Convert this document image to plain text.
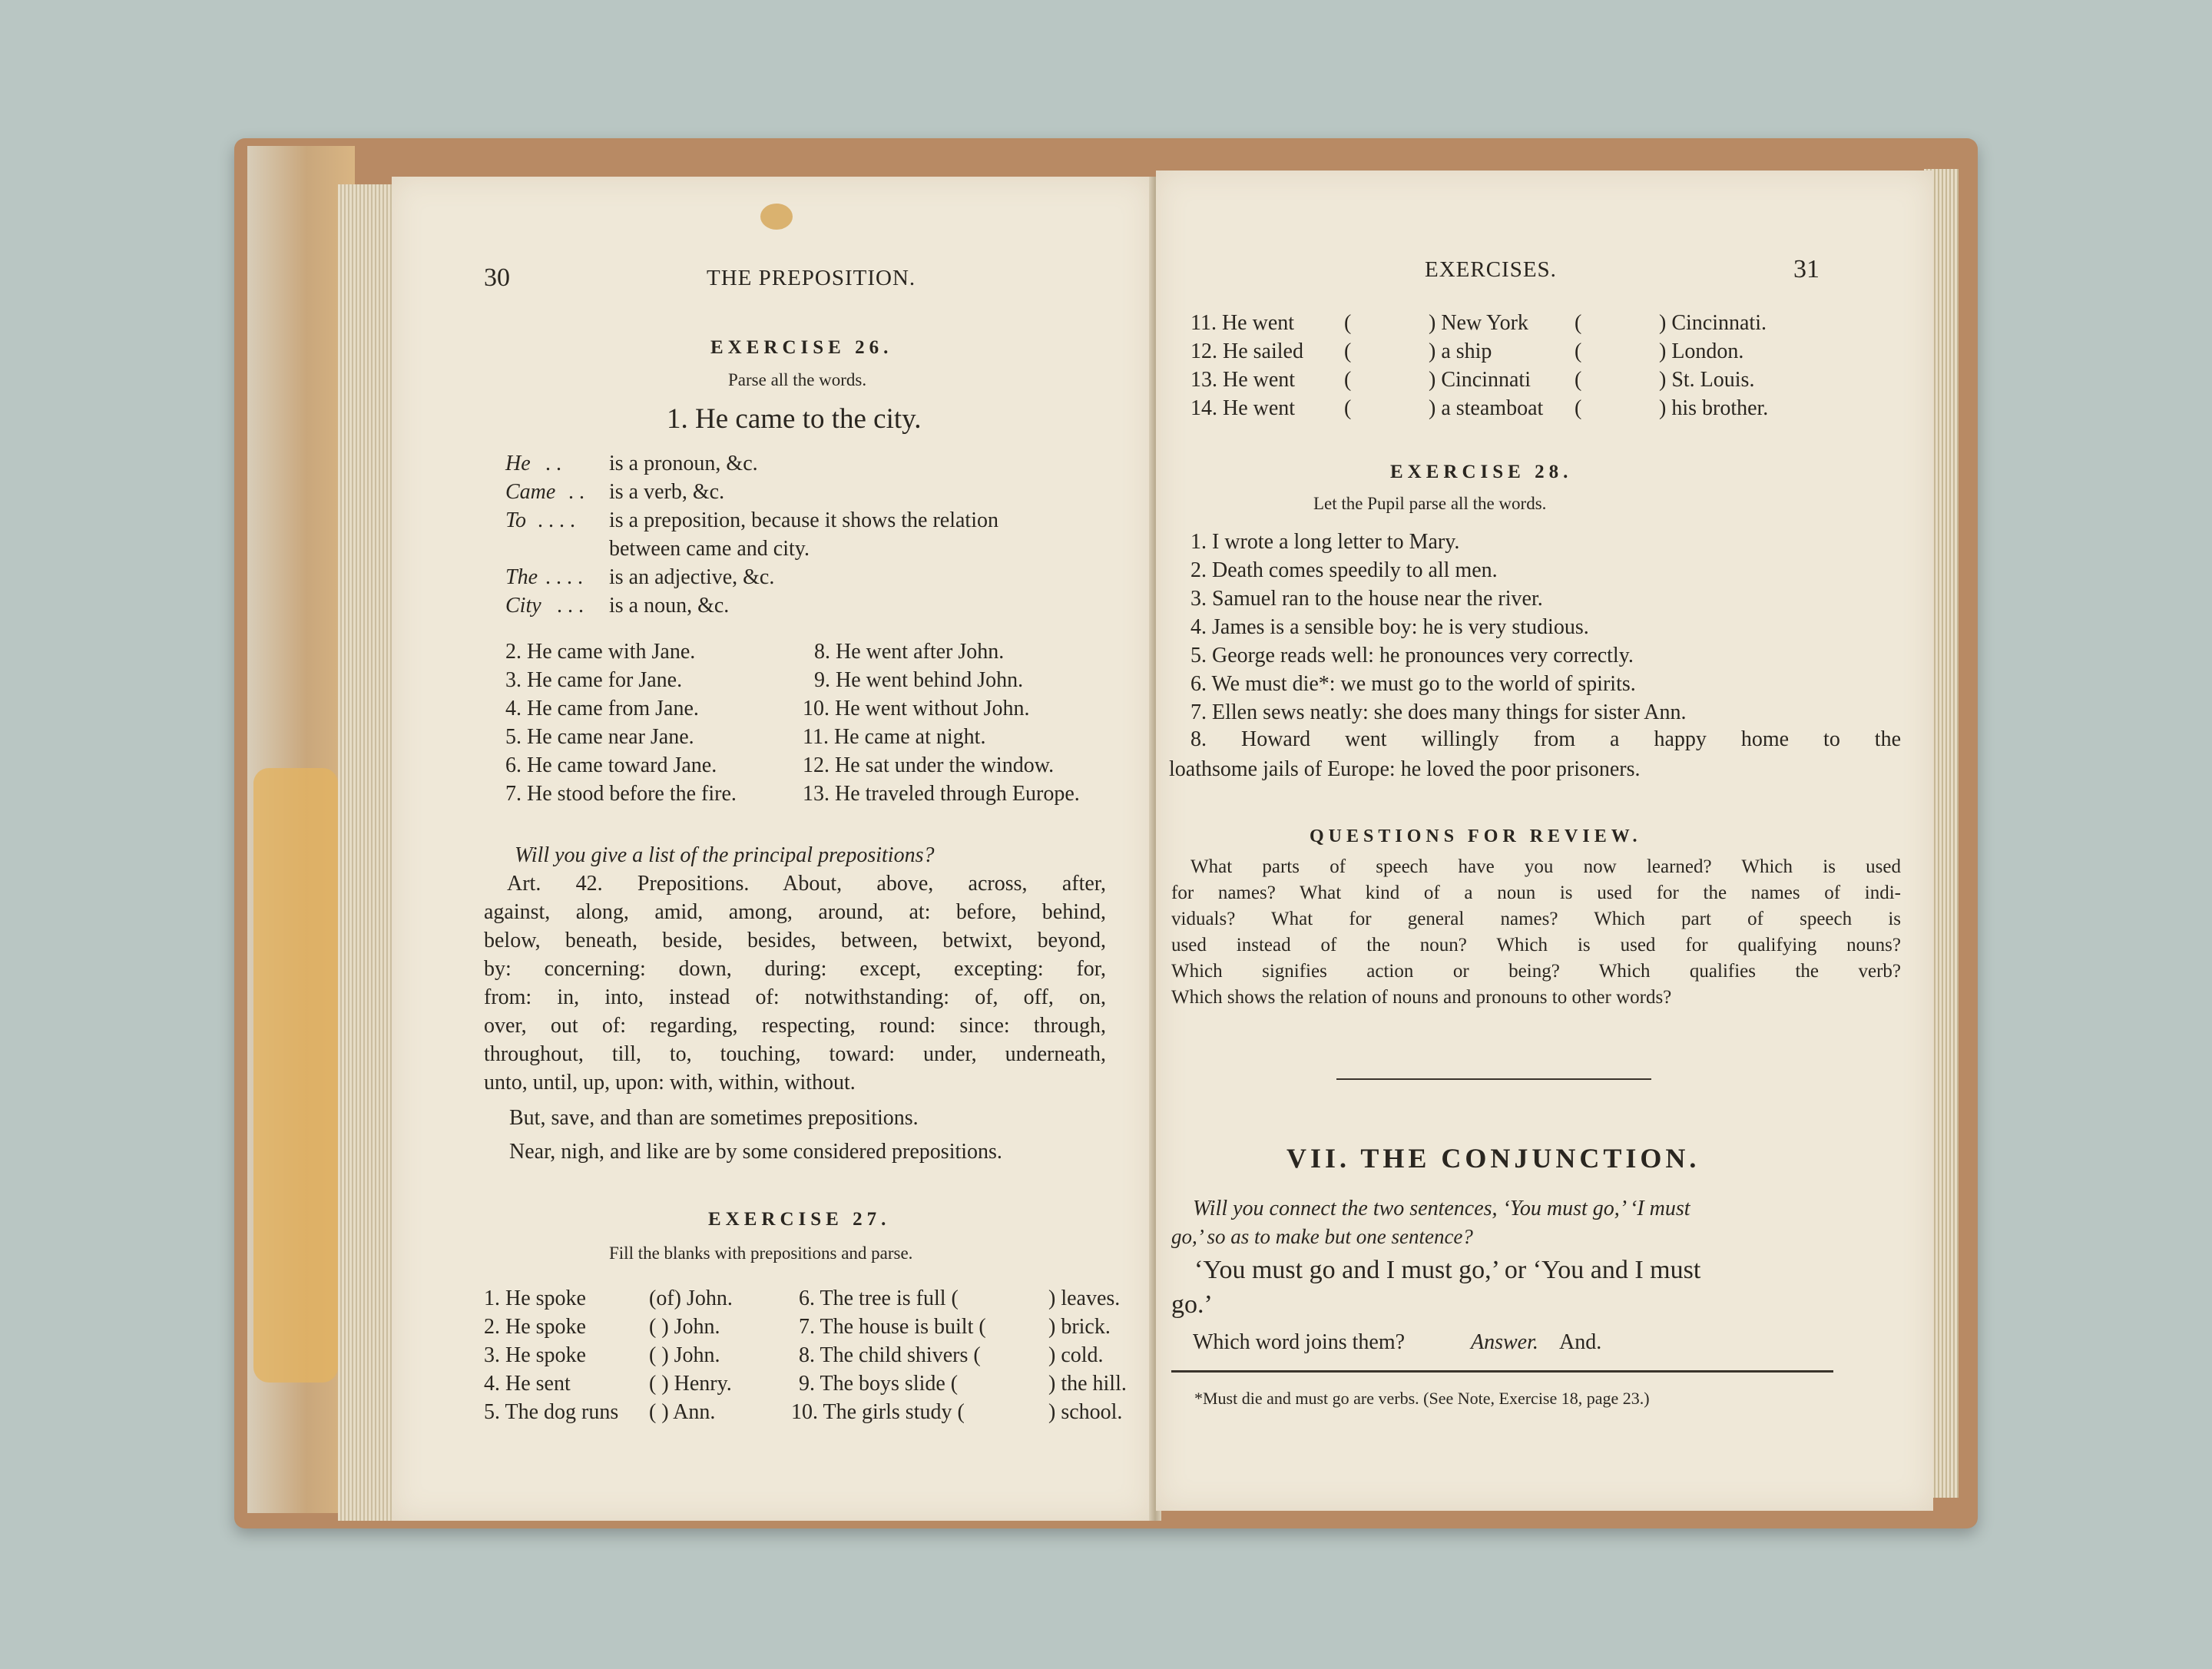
30	THE PREPOSITION.
EXERCISE 26.
Parse all the words.
1. He came to the city.
He . . is a pronoun, &c.
Came . . is a verb, &c.
To . . . . is a preposition, because it shows the relation
between came and city.
The . . . . is an adjective, &c.
City . . . is a noun, &c.
2. He came with Jane.
3. He came for Jane.
4. He came from Jane.
5. He came near Jane.
6. He came toward Jane.
7. He stood before the fire.
8. He went after John.
9. He went behind John.
10. He went without John.
11. He came at night.
12. He sat under the window.
13. He traveled through Europe.
Will you give a list of the principal prepositions?
Art. 42. Prepositions. About, above, across, after,
against, along, amid, among, around, at: before, behind,
below, beneath, beside, besides, between, betwixt, beyond,
by: concerning: down, during: except, excepting: for,
from: in, into, instead of: notwithstanding: of, off, on,
over, out of: regarding, respecting, round: since: through,
throughout, till, to, touching, toward: under, underneath,
unto, until, up, upon: with, within, without.
But, save, and than are sometimes prepositions.
Near, nigh, and like are by some considered prepositions.
EXERCISE 27.
Fill the blanks with prepositions and parse.
1. He spoke	(of) John.
2. He spoke	( ) John.
3. He spoke	( ) John.
4. He sent	( ) Henry.
5. The dog runs ( ) Ann.
6. The tree is full (	) leaves.
7. The house is built (	) brick.
8. The child shivers (	) cold.
9. The boys slide (	) the hill.
10. The girls study (	) school.
EXERCISES.	31
11. He went (	) New York (	) Cincinnati.
12. He sailed (	) a ship	(	) London.
13. He went (	) Cincinnati (	) St. Louis.
14. He went (	) a steamboat (	) his brother.
EXERCISE 28.
Let the Pupil parse all the words.
1. I wrote a long letter to Mary.
2. Death comes speedily to all men.
3. Samuel ran to the house near the river.
4. James is a sensible boy: he is very studious.
5. George reads well: he pronounces very correctly.
6. We must die*: we must go to the world of spirits.
7. Ellen sews neatly: she does many things for sister Ann.
8. Howard went willingly from a happy home to the
loathsome jails of Europe: he loved the poor prisoners.
QUESTIONS FOR REVIEW.
What parts of speech have you now learned? Which is used
for names? What kind of a noun is used for the names of indi-
viduals? What for general names? Which part of speech is
used instead of the noun? Which is used for qualifying nouns?
Which signifies action or being? Which qualifies the verb?
Which shows the relation of nouns and pronouns to other words?
VII. THE CONJUNCTION.
Will you connect the two sentences, ‘You must go,’ ‘I must
go,’ so as to make but one sentence?
‘You must go and I must go,’ or ‘You and I must
go.’
Which word joins them?	Answer. And.
*Must die and must go are verbs. (See Note, Exercise 18, page 23.)
